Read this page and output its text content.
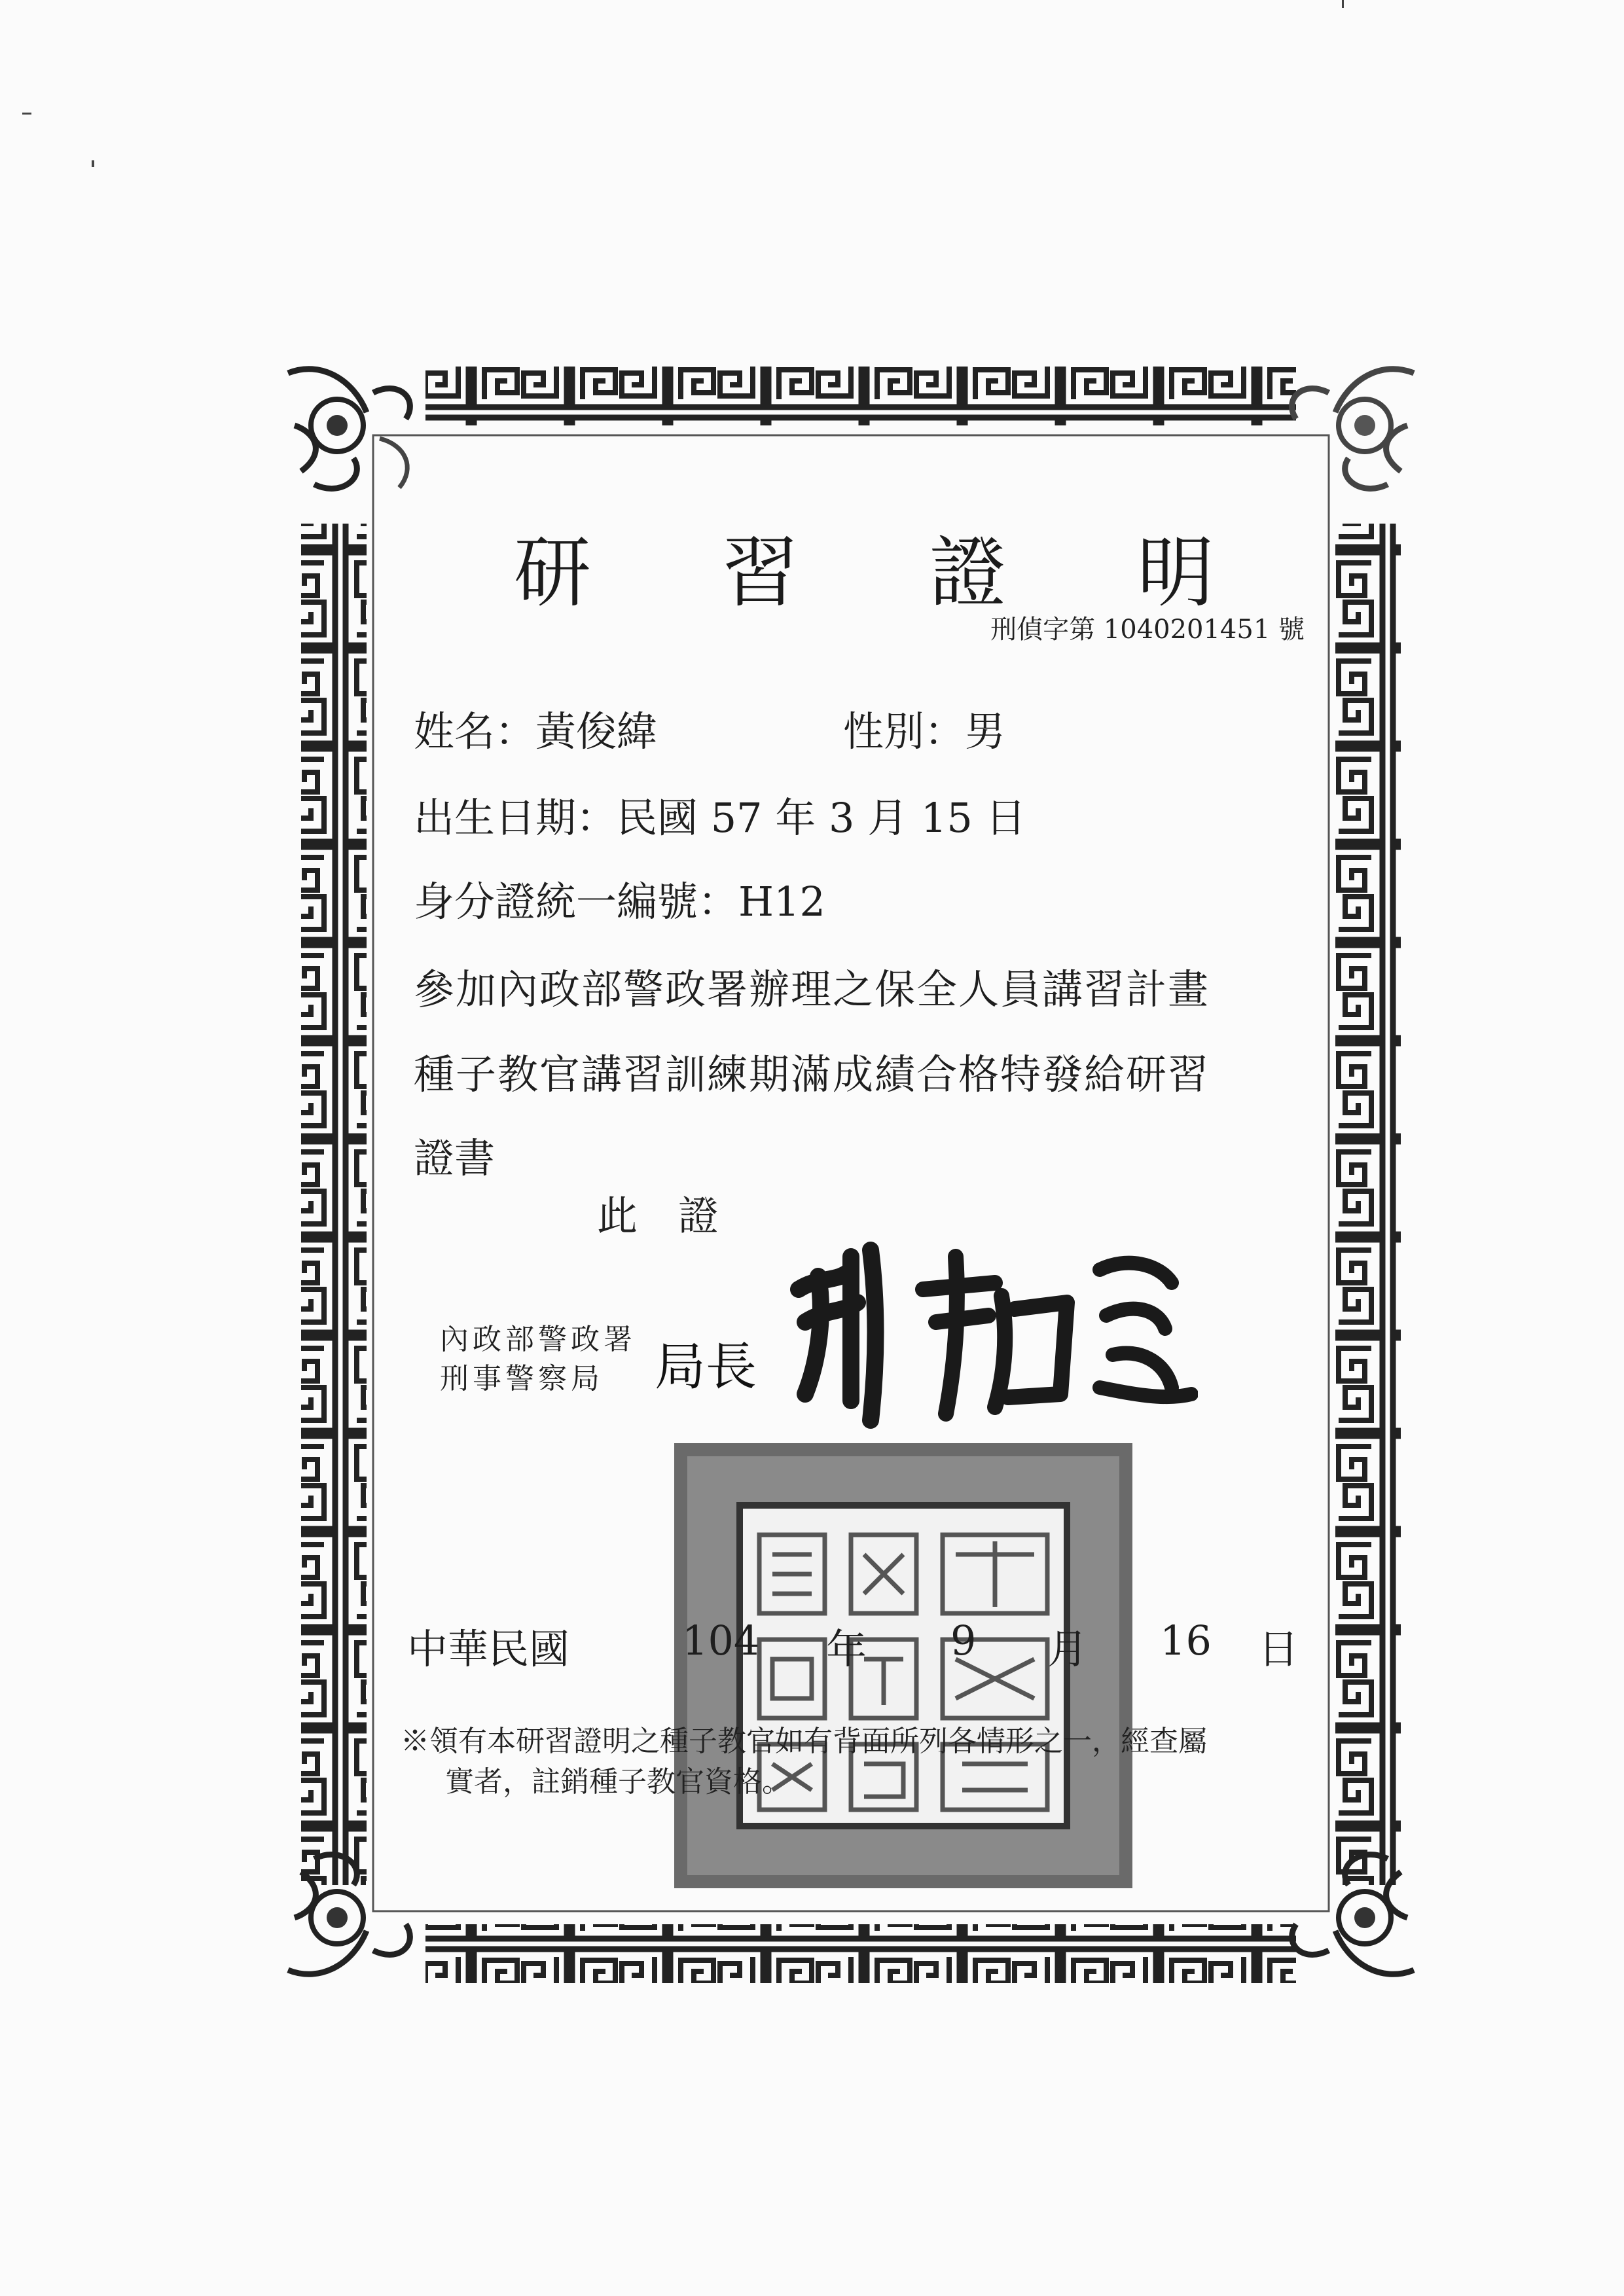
研 習 證 明
刑偵字第 1040201451 號
姓名：黃俊緯	性別：男
出生日期：民國 57 年 3 月 15 日
身分證統一編號：H12
參加內政部警政署辦理之保全人員講習計畫
種子教官講習訓練期滿成績合格特發給研習
證書
此　證
內政部警政署
刑事警察局 局長
中華民國	104 年 9 月 16 日
※領有本研習證明之種子教官如有背面所列各情形之一，經查屬
實者，註銷種子教官資格。
